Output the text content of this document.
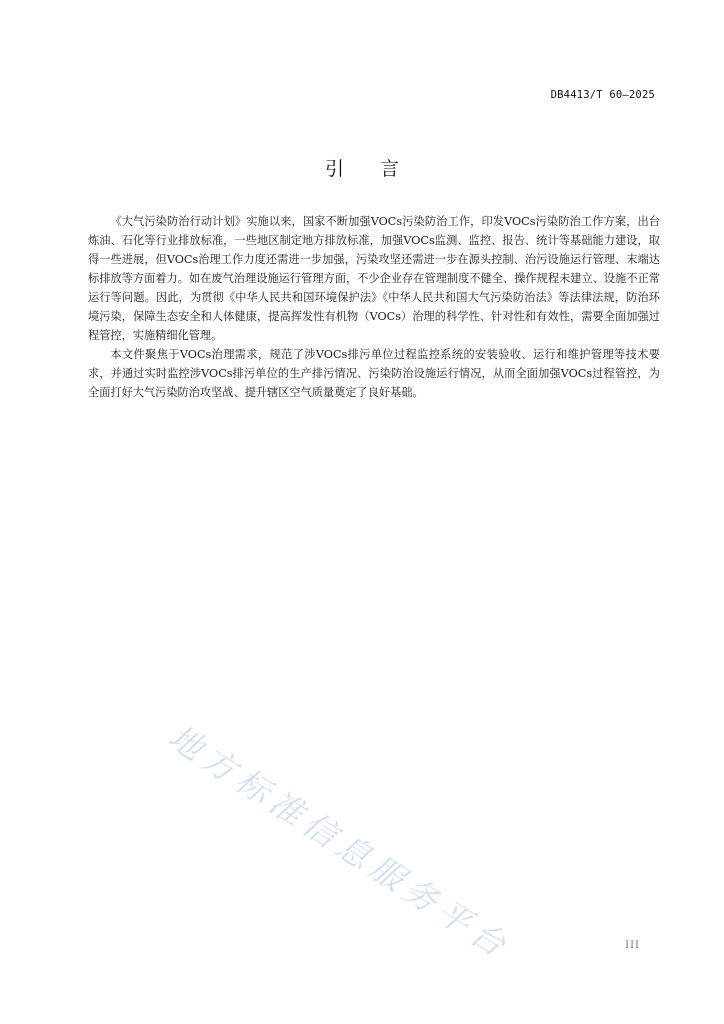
DB4413/T 60—2025
引言

《大气污染防治行动计划》实施以来，国家不断加强VOCs污染防治工作，印发VOCs污染防治工作方案，出台炼油、石化等行业排放标准，一些地区制定地方排放标准，加强VOCs监测、监控、报告、统计等基础能力建设，取得一些进展，但VOCs治理工作力度还需进一步加强，污染攻坚还需进一步在源头控制、治污设施运行管理、末端达标排放等方面着力。如在废气治理设施运行管理方面，不少企业存在管理制度不健全、操作规程未建立、设施不正常运行等问题。因此，为贯彻《中华人民共和国环境保护法》《中华人民共和国大气污染防治法》等法律法规，防治环境污染，保障生态安全和人体健康，提高挥发性有机物（VOCs）治理的科学性、针对性和有效性，需要全面加强过程管控，实施精细化管理。

本文件聚焦于VOCs治理需求，规范了涉VOCs排污单位过程监控系统的安装验收、运行和维护管理等技术要求，并通过实时监控涉VOCs排污单位的生产排污情况、污染防治设施运行情况，从而全面加强VOCs过程管控，为全面打好大气污染防治攻坚战、提升辖区空气质量奠定了良好基础。

地方标准信息服务平台	III
